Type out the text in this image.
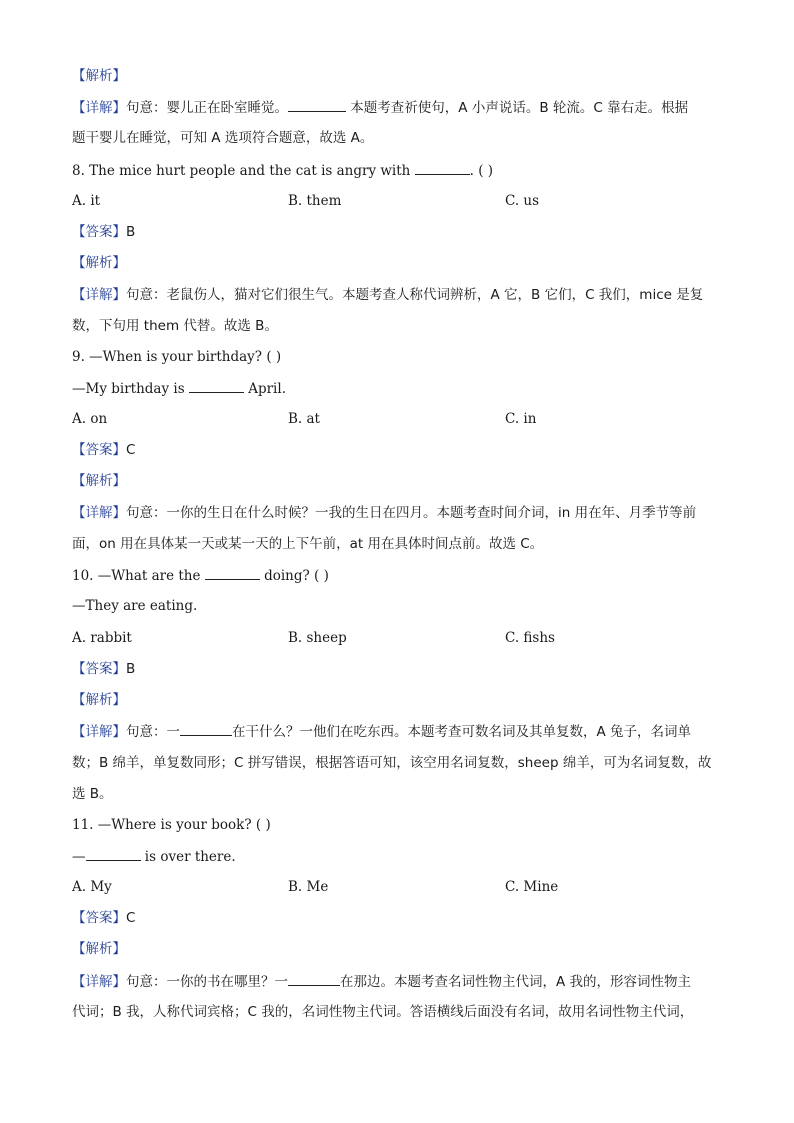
【解析】
【详解】句意：婴儿正在卧室睡觉。	本题考查祈使句，A 小声说话。B 轮流。C 靠右走。根据
题干婴儿在睡觉，可知 A 选项符合题意，故选 A。
8. The mice hurt people and the cat is angry with	. ( )
A. it	B. them	C. us
【答案】B
【解析】
【详解】句意：老鼠伤人，猫对它们很生气。本题考查人称代词辨析，A 它，B 它们，C 我们，mice 是复
数，下句用 them 代替。故选 B。
9. —When is your birthday? ( )
—My birthday is	April.
A. on	B. at	C. in
【答案】C
【解析】
【详解】句意：一你的生日在什么时候？一我的生日在四月。本题考查时间介词，in 用在年、月季节等前
面，on 用在具体某一天或某一天的上下午前，at 用在具体时间点前。故选 C。
10. —What are the	doing? ( )
—They are eating.
A. rabbit	B. sheep	C. fishs
【答案】B
【解析】
【详解】句意：一	在干什么？一他们在吃东西。本题考查可数名词及其单复数，A 兔子，名词单
数；B 绵羊，单复数同形；C 拼写错误，根据答语可知，该空用名词复数，sheep 绵羊，可为名词复数，故
选 B。
11. —Where is your book? ( )
—	is over there.
A. My	B. Me	C. Mine
【答案】C
【解析】
【详解】句意：一你的书在哪里？一	在那边。本题考查名词性物主代词，A 我的，形容词性物主
代词；B 我，人称代词宾格；C 我的，名词性物主代词。答语横线后面没有名词，故用名词性物主代词，
